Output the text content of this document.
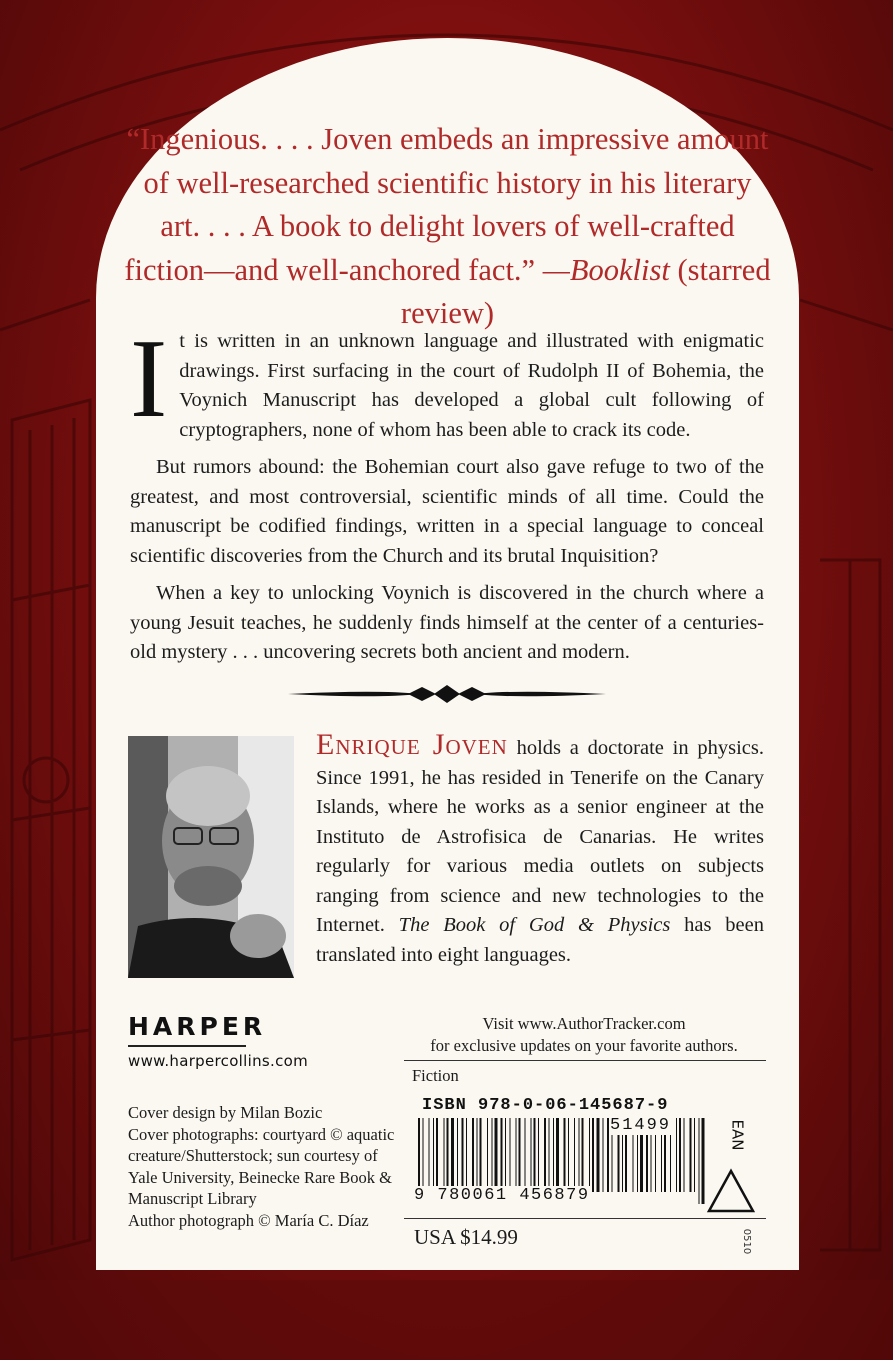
“Ingenious. . . . Joven embeds an impressive amount of well-researched scientific history in his literary art. . . . A book to delight lovers of well-crafted fiction—and well-anchored fact.” —Booklist (starred review)

It is written in an unknown language and illustrated with enigmatic drawings. First surfacing in the court of Rudolph II of Bohemia, the Voynich Manuscript has developed a global cult following of cryptographers, none of whom has been able to crack its code.

But rumors abound: the Bohemian court also gave refuge to two of the greatest, and most controversial, scientific minds of all time. Could the manuscript be codified findings, written in a special language to conceal scientific discoveries from the Church and its brutal Inquisition?

When a key to unlocking Voynich is discovered in the church where a young Jesuit teaches, he suddenly finds himself at the center of a centuries-old mystery . . . uncovering secrets both ancient and modern.

Enrique Joven holds a doctorate in physics. Since 1991, he has resided in Tenerife on the Canary Islands, where he works as a senior engineer at the Instituto de Astrofisica de Canarias. He writes regularly for various media outlets on subjects ranging from science and new technologies to the Internet. The Book of God & Physics has been translated into eight languages.
HARPER
www.harpercollins.com
Cover design by Milan Bozic
Cover photographs: courtyard © aquatic creature/Shutterstock; sun courtesy of Yale University, Beinecke Rare Book & Manuscript Library
Author photograph © María C. Díaz
Visit www.AuthorTracker.com
for exclusive updates on your favorite authors.
Fiction
ISBN 978-0-06-145687-9
51499
9 780061 456879
EAN
USA $14.99	0510
